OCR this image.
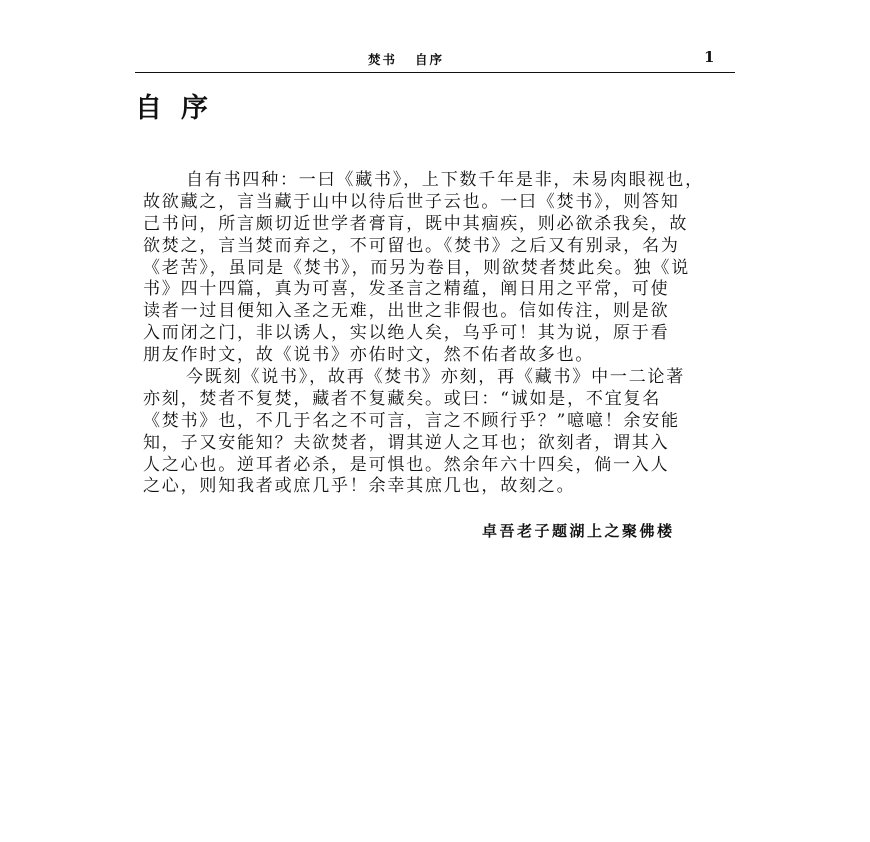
焚书 自序	1
自序
自有书四种：一曰《藏书》，上下数千年是非，未易肉眼视也，
故欲藏之，言当藏于山中以待后世子云也。一曰《焚书》，则答知
己书问，所言颇切近世学者膏肓，既中其痼疾，则必欲杀我矣，故
欲焚之，言当焚而弃之，不可留也。《焚书》之后又有别录，名为
《老苦》，虽同是《焚书》，而另为卷目，则欲焚者焚此矣。独《说
书》四十四篇，真为可喜，发圣言之精蕴，阐日用之平常，可使
读者一过目便知入圣之无难，出世之非假也。信如传注，则是欲
入而闭之门，非以诱人，实以绝人矣，乌乎可！其为说，原于看
朋友作时文，故《说书》亦佑时文，然不佑者故多也。
今既刻《说书》，故再《焚书》亦刻，再《藏书》中一二论著
亦刻，焚者不复焚，藏者不复藏矣。或曰：“诚如是，不宜复名
《焚书》也，不几于名之不可言，言之不顾行乎？”噫噫！余安能
知，子又安能知？夫欲焚者，谓其逆人之耳也；欲刻者，谓其入
人之心也。逆耳者必杀，是可惧也。然余年六十四矣，倘一入人
之心，则知我者或庶几乎！余幸其庶几也，故刻之。
卓吾老子题湖上之聚佛楼
